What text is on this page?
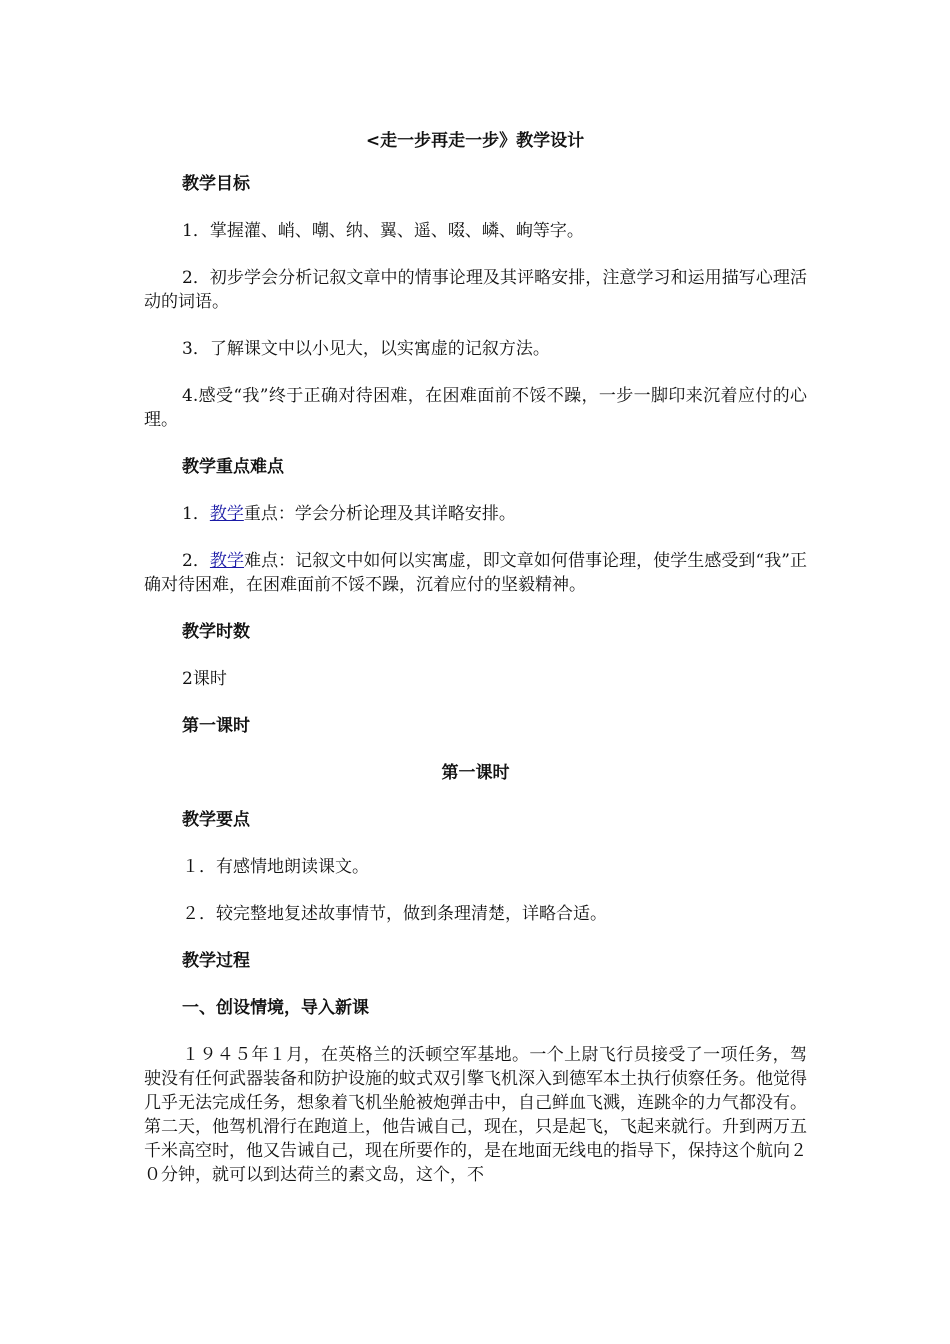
<走一步再走一步》教学设计
教学目标

1．掌握灌、峭、嘲、纳、翼、遥、啜、嶙、峋等字。

2．初步学会分析记叙文章中的情事论理及其评略安排，注意学习和运用描写心理活动的词语。

3．了解课文中以小见大，以实寓虚的记叙方法。

4.感受“我”终于正确对待困难，在困难面前不馁不躁，一步一脚印来沉着应付的心理。

教学重点难点

1．教学重点：学会分析论理及其详略安排。

2．教学难点：记叙文中如何以实寓虚，即文章如何借事论理，使学生感受到“我”正确对待困难，在困难面前不馁不躁，沉着应付的坚毅精神。

教学时数

2课时

第一课时
第一课时
教学要点

１．有感情地朗读课文。

２．较完整地复述故事情节，做到条理清楚，详略合适。

教学过程
一、创设情境，导入新课

１９４５年１月，在英格兰的沃顿空军基地。一个上尉飞行员接受了一项任务，驾驶没有任何武器装备和防护设施的蚊式双引擎飞机深入到德军本土执行侦察任务。他觉得几乎无法完成任务，想象着飞机坐舱被炮弹击中，自己鲜血飞溅，连跳伞的力气都没有。第二天，他驾机滑行在跑道上，他告诫自己，现在，只是起飞，飞起来就行。升到两万五千米高空时，他又告诫自己，现在所要作的，是在地面无线电的指导下，保持这个航向２０分钟，就可以到达荷兰的素文岛，这个，不
